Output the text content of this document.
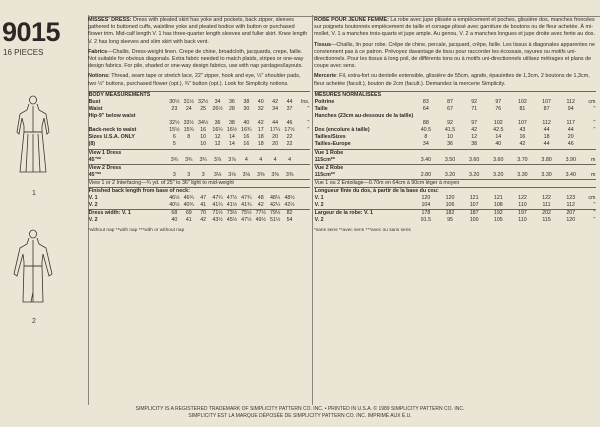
9015
16 PIECES
1
2

MISSES' DRESS: Dress with pleated skirt has yoke and pockets, back zipper, sleeves gathered to buttoned cuffs, waistline yoke and pleated bodice with button or purchased flower trim. Mid-calf length V. 1 has three-quarter length sleeves and fuller skirt. Knee length V. 2 has long sleeves and slim skirt with back vent.

Fabrics—Challis. Dress-weight linen. Crepe de chine, broadcloth, jacquards, crepe, faille. Not suitable for obvious diagonals. Extra fabric needed to match plaids, stripes or one-way design fabrics. For pile, shaded or one-way design fabrics, use with nap yardages/layouts.

Notions: Thread, seam tape or stretch lace, 22" zipper, hook and eye, ½" shoulder pads, two ½" buttons, purchased flower (opt.), ¾" button (opt.). Look for Simplicity notions.

BODY MEASUREMENTS										
Bust	30½	31½	32½	34	36	38	40	42	44	Ins.
Waist	23	24	25	26½	28	30	32	34	37	"
Hip-9" below waist										
	32½	33½	34½	36	38	40	42	44	46	"
Back-neck to waist	15½	15¾	16	16¼	16½	16¾	17	17¼	17½	"
Sizes U.S.A. ONLY	6	8	10	12	14	16	18	20	22	
(8)	5		10	12	14	16	18	20	22	
View 1 Dress										
45"**	3¾	3¾	3¾	3⅞	3⅞	4	4	4	4	
View 2 Dress										
45"**	3	3	3	3⅛	3⅛	3⅛	3⅜	3⅜	3⅜	
View 1 or 2 Interfacing—¾ yd. of 25" to 36" light to mid-weight										
Finished back length from base of neck:										
V. 1	46½	46¾	47	47¼	47½	47¾	48	48¼	48½	
V. 2	40½	40¾	41	41¼	41½	41¾	42	42¼	42½	
Dress width: V. 1	68	69	70	71½	73½	75½	77½	79½	82	
V. 2	40	41	42	43½	45½	47½	49½	51½	54	
*without nap **with nap ***with or without nap

ROBE POUR JEUNE FEMME: La robe avec jupe plissée a empiècement et poches, glissière dos, manches froncées sur poignets boutonnés empiècement de taille et corsage plissé avec garniture de boutons ou de fleur achetée. À mi-mollet, V. 1 a manches trois-quarts et jupe ample. Au genou, V. 2 a manches longues et jupe droite avec fente au dos.

Tissus—Challis, lin pour robe. Crêpe de chine, percale, jacquard, crêpe, faille. Les tissus à diagonales apparentes ne conviennent pas à ce patron. Prévoyez davantage de tissu pour raccorder les écossais, rayures ou motifs uni-directionnels. Pour les tissus à long poil, de différents tons ou à motifs uni-directionnels utilisez métrages et plans de coupe avec sens.

Mercerie: Fil, extra-fort ou dentelle extensible, glissière de 55cm, agrafe, épaulettes de 1,3cm, 2 boutons de 1,3cm, fleur achetée (facult.), bouton de 2cm (facult.). Demandez la mercerie Simplicity.

MESURES NORMALISÉES								
Poitrine	83	87	92	97	102	107	112	cm
Taille	64	67	71	76	81	87	94	"
Hanches (23cm au-dessous de la taille)								
	88	92	97	102	107	112	117	"
Dos (encolure à taille)	40.5	41.5	42	42.5	43	44	44	"
Tailles/Sizes	8	10	12	14	16	18	20	
Tailles-Europe	34	36	38	40	42	44	46	
Vue 1 Robe								
115cm**	3.40	3.50	3.60	3.60	3.70	3.80	3.90	m
Vue 2 Robe								
115cm**	2.80	3.20	3.20	3.20	3.30	3.30	3.40	m
Vue 1 ou 2 Entoilage—0.70m en 64cm à 90cm léger à moyen								
Longueur finie du dos, à partir de la base du cou:								
V. 1	120	120	121	121	122	122	123	cm
V. 2	104	106	107	108	110	111	112	"
Largeur de la robe: V. 1	178	182	187	192	197	202	207	"
V. 2	91.5	95	100	105	110	115	120	"
*sans sens **avec sens ***avec ou sans sens
SIMPLICITY IS A REGISTERED TRADEMARK OF SIMPLICITY PATTERN CO. INC. • PRINTED IN U.S.A. © 1989 SIMPLICITY PATTERN CO. INC.
SIMPLICITY EST LA MARQUE DÉPOSÉE DE SIMPLICITY PATTERN CO. INC. IMPRIMÉ AUX É.U.
